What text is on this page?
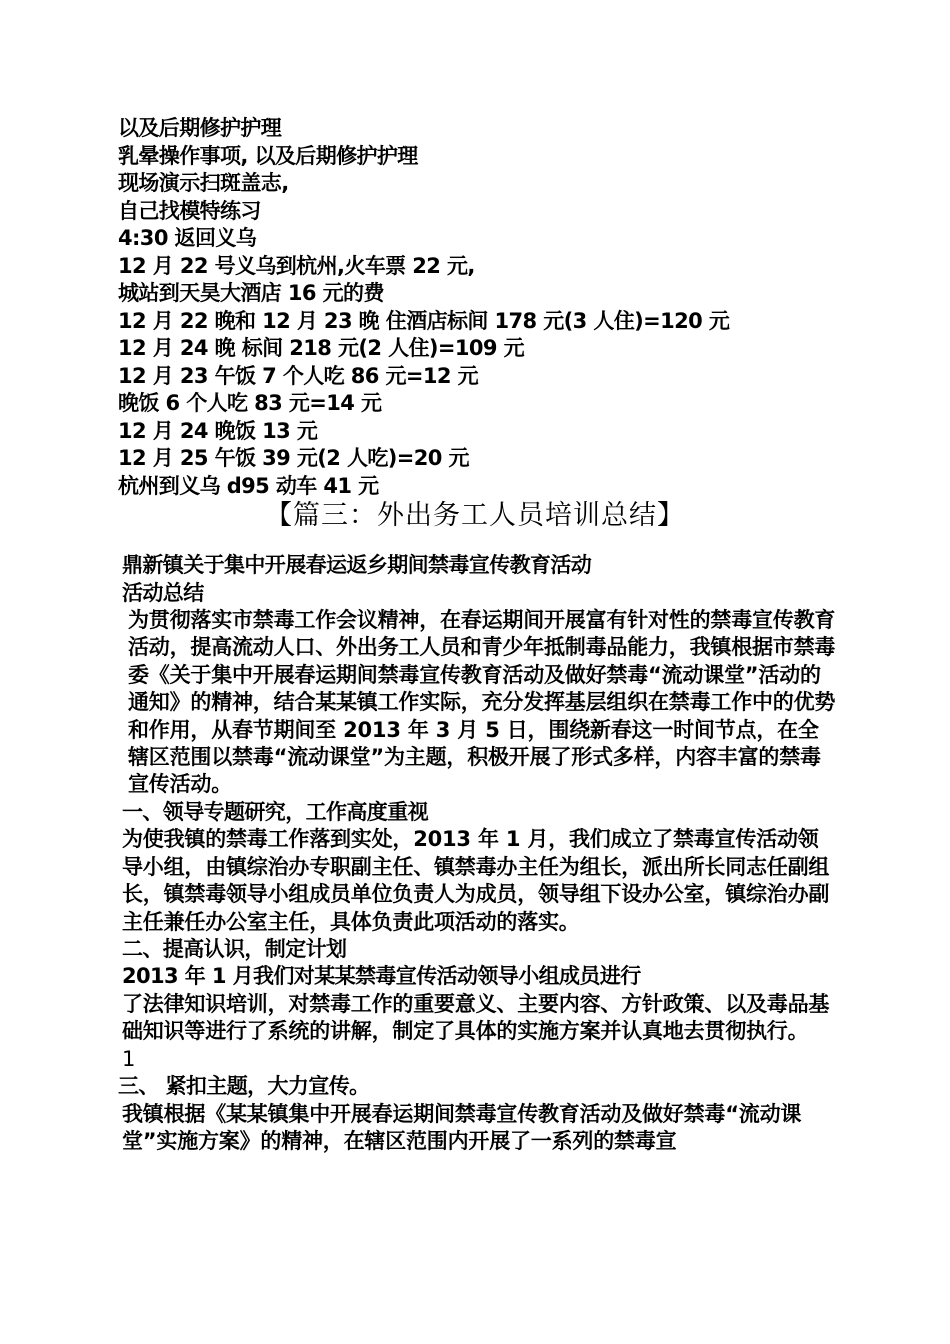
以及后期修护护理
乳晕操作事项, 以及后期修护护理
现场演示扫斑盖志,
自己找模特练习
4:30 返回义乌
12 月 22 号义乌到杭州,火车票 22 元,
城站到天昊大酒店 16 元的费
12 月 22 晚和 12 月 23 晚 住酒店标间 178 元(3 人住)=120 元
12 月 24 晚 标间 218 元(2 人住)=109 元
12 月 23 午饭 7 个人吃 86 元=12 元
晚饭 6 个人吃 83 元=14 元
12 月 24 晚饭 13 元
12 月 25 午饭 39 元(2 人吃)=20 元
杭州到义乌 d95 动车 41 元
【篇三：外出务工人员培训总结】
鼎新镇关于集中开展春运返乡期间禁毒宣传教育活动
活动总结

为贯彻落实市禁毒工作会议精神，在春运期间开展富有针对性的禁毒宣传教育活动，提高流动人口、外出务工人员和青少年抵制毒品能力，我镇根据市禁毒委《关于集中开展春运期间禁毒宣传教育活动及做好禁毒“流动课堂”活动的通知》的精神，结合某某镇工作实际，充分发挥基层组织在禁毒工作中的优势和作用，从春节期间至 2013 年 3 月 5 日，围绕新春这一时间节点，在全辖区范围以禁毒“流动课堂”为主题，积极开展了形式多样，内容丰富的禁毒宣传活动。

一、领导专题研究，工作高度重视

为使我镇的禁毒工作落到实处，2013 年 1 月，我们成立了禁毒宣传活动领导小组，由镇综治办专职副主任、镇禁毒办主任为组长，派出所长同志任副组长，镇禁毒领导小组成员单位负责人为成员，领导组下设办公室，镇综治办副主任兼任办公室主任，具体负责此项活动的落实。

二、提高认识，制定计划
2013 年 1 月我们对某某禁毒宣传活动领导小组成员进行

了法律知识培训，对禁毒工作的重要意义、主要内容、方针政策、以及毒品基础知识等进行了系统的讲解，制定了具体的实施方案并认真地去贯彻执行。

1
三、 紧扣主题，大力宣传。

我镇根据《某某镇集中开展春运期间禁毒宣传教育活动及做好禁毒“流动课堂”实施方案》的精神，在辖区范围内开展了一系列的禁毒宣
